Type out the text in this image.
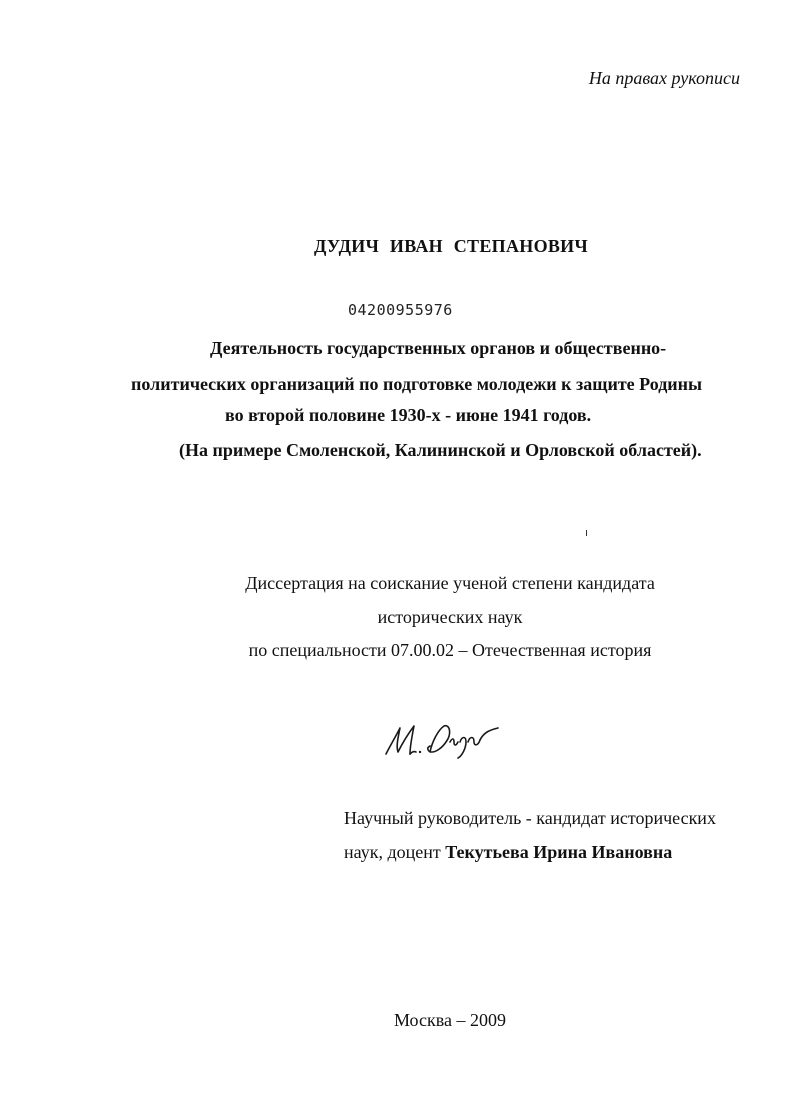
На правах рукописи
ДУДИЧ ИВАН СТЕПАНОВИЧ
04200955976
Деятельность государственных органов и общественно-
политических организаций по подготовке молодежи к защите Родины
во второй половине 1930-х - июне 1941 годов.
(На примере Смоленской, Калининской и Орловской областей).
Диссертация на соискание ученой степени кандидата
исторических наук
по специальности 07.00.02 – Отечественная история
Научный руководитель - кандидат исторических
наук, доцент Текутьева Ирина Ивановна
Москва – 2009
